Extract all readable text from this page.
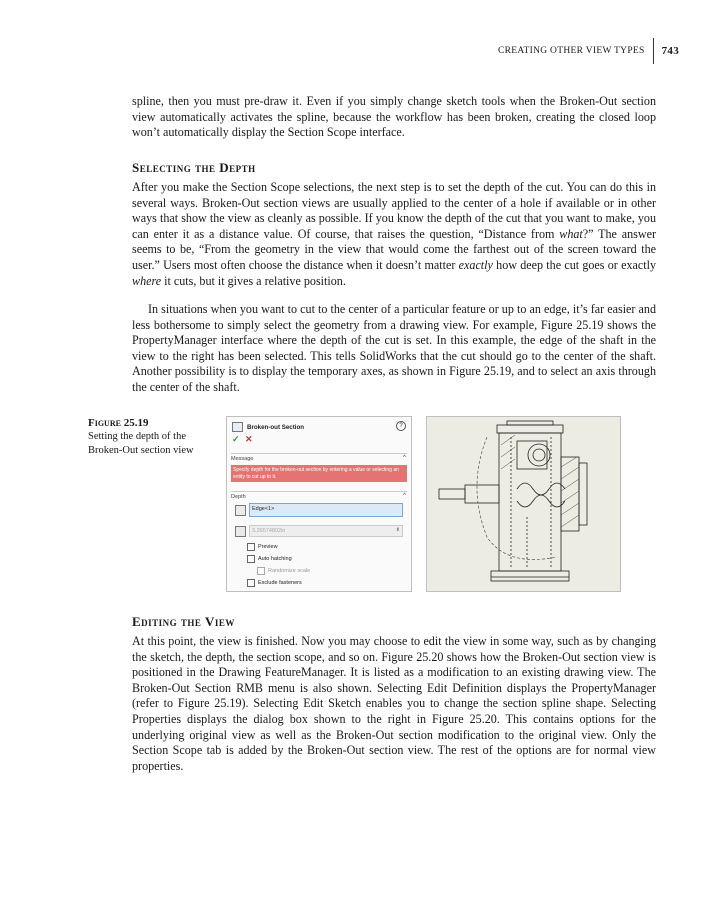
CREATING OTHER VIEW TYPES	743

spline, then you must pre-draw it. Even if you simply change sketch tools when the Broken-Out section view automatically activates the spline, because the workflow has been broken, creating the closed loop won’t automatically display the Section Scope interface.

Selecting the Depth

After you make the Section Scope selections, the next step is to set the depth of the cut. You can do this in several ways. Broken-Out section views are usually applied to the center of a hole if available or in other ways that show the view as cleanly as possible. If you know the depth of the cut that you want to make, you can enter it as a distance value. Of course, that raises the question, “Distance from what?” The answer seems to be, “From the geometry in the view that would come the farthest out of the screen toward the user.” Users most often choose the distance when it doesn’t matter exactly how deep the cut goes or exactly where it cuts, but it gives a relative position.

In situations when you want to cut to the center of a particular feature or up to an edge, it’s far easier and less bothersome to simply select the geometry from a drawing view. For example, Figure 25.19 shows the PropertyManager interface where the depth of the cut is set. In this example, the edge of the shaft in the view to the right has been selected. This tells SolidWorks that the cut should go to the center of the shaft. Another possibility is to display the temporary axes, as shown in Figure 25.19, and to select an axis through the center of the shaft.

Figure 25.19
Setting the depth of the Broken-Out section view
Broken-out Section	?
✓ ✕
Message	^
Specify depth for the broken-out section by entering a value or selecting an entity to cut up to it.
Depth	^
Edge<1>
3.26574802in	⬍
Preview
Auto hatching
Randomize scale
Exclude fasteners
Editing the View

At this point, the view is finished. Now you may choose to edit the view in some way, such as by changing the sketch, the depth, the section scope, and so on. Figure 25.20 shows how the Broken-Out section view is positioned in the Drawing FeatureManager. It is listed as a modification to an existing drawing view. The Broken-Out Section RMB menu is also shown. Selecting Edit Definition displays the PropertyManager (refer to Figure 25.19). Selecting Edit Sketch enables you to change the section spline shape. Selecting Properties displays the dialog box shown to the right in Figure 25.20. This contains options for the underlying original view as well as the Broken-Out section modification to the original view. Only the Section Scope tab is added by the Broken-Out section view. The rest of the options are for normal view properties.
